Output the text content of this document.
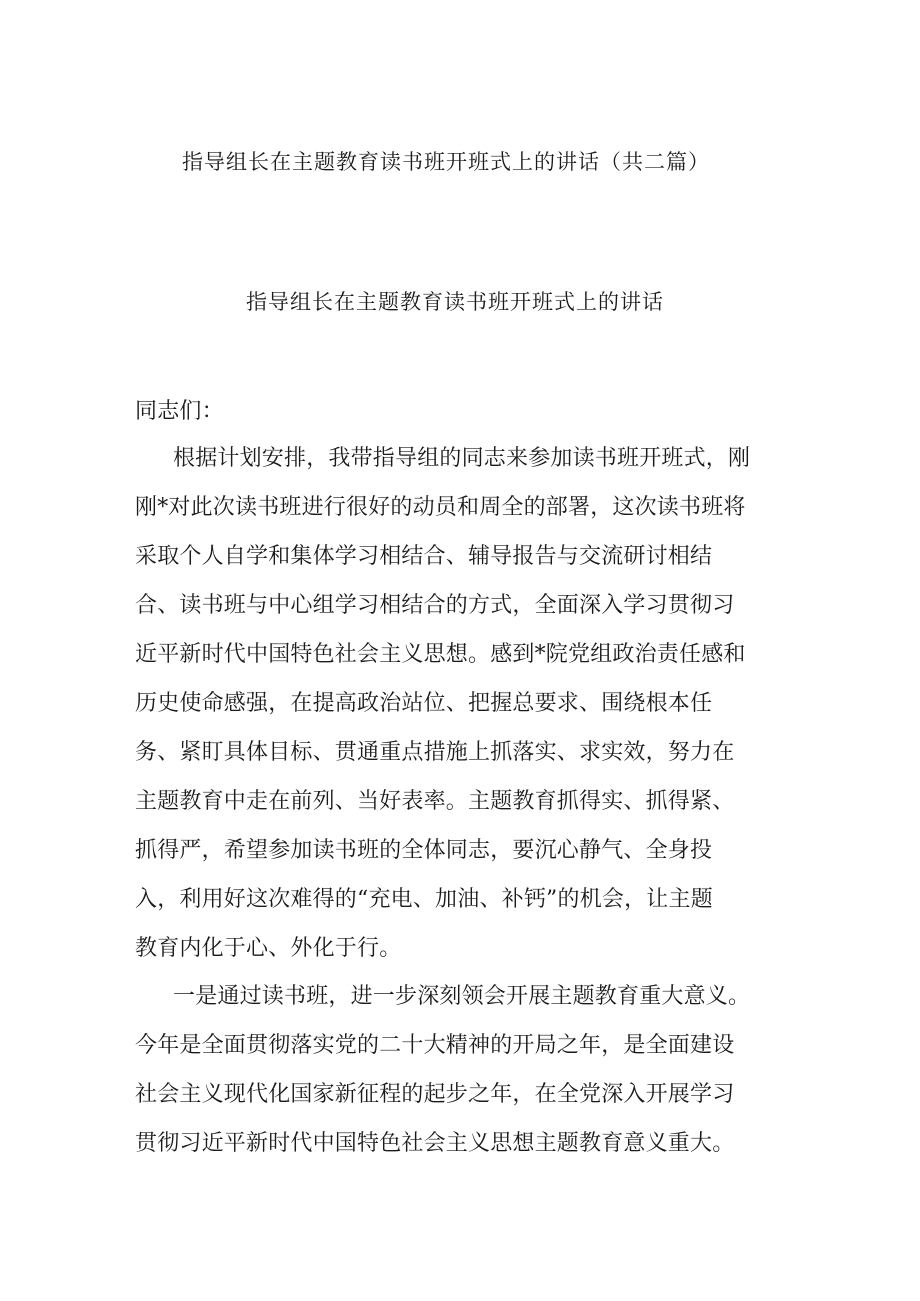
指导组长在主题教育读书班开班式上的讲话（共二篇）
指导组长在主题教育读书班开班式上的讲话
同志们：
根据计划安排，我带指导组的同志来参加读书班开班式，刚
刚*对此次读书班进行很好的动员和周全的部署，这次读书班将
采取个人自学和集体学习相结合、辅导报告与交流研讨相结
合、读书班与中心组学习相结合的方式，全面深入学习贯彻习
近平新时代中国特色社会主义思想。感到*院党组政治责任感和
历史使命感强，在提高政治站位、把握总要求、围绕根本任
务、紧盯具体目标、贯通重点措施上抓落实、求实效，努力在
主题教育中走在前列、当好表率。主题教育抓得实、抓得紧、
抓得严，希望参加读书班的全体同志，要沉心静气、全身投
入，利用好这次难得的“充电、加油、补钙”的机会，让主题
教育内化于心、外化于行。
一是通过读书班，进一步深刻领会开展主题教育重大意义。
今年是全面贯彻落实党的二十大精神的开局之年，是全面建设
社会主义现代化国家新征程的起步之年，在全党深入开展学习
贯彻习近平新时代中国特色社会主义思想主题教育意义重大。
